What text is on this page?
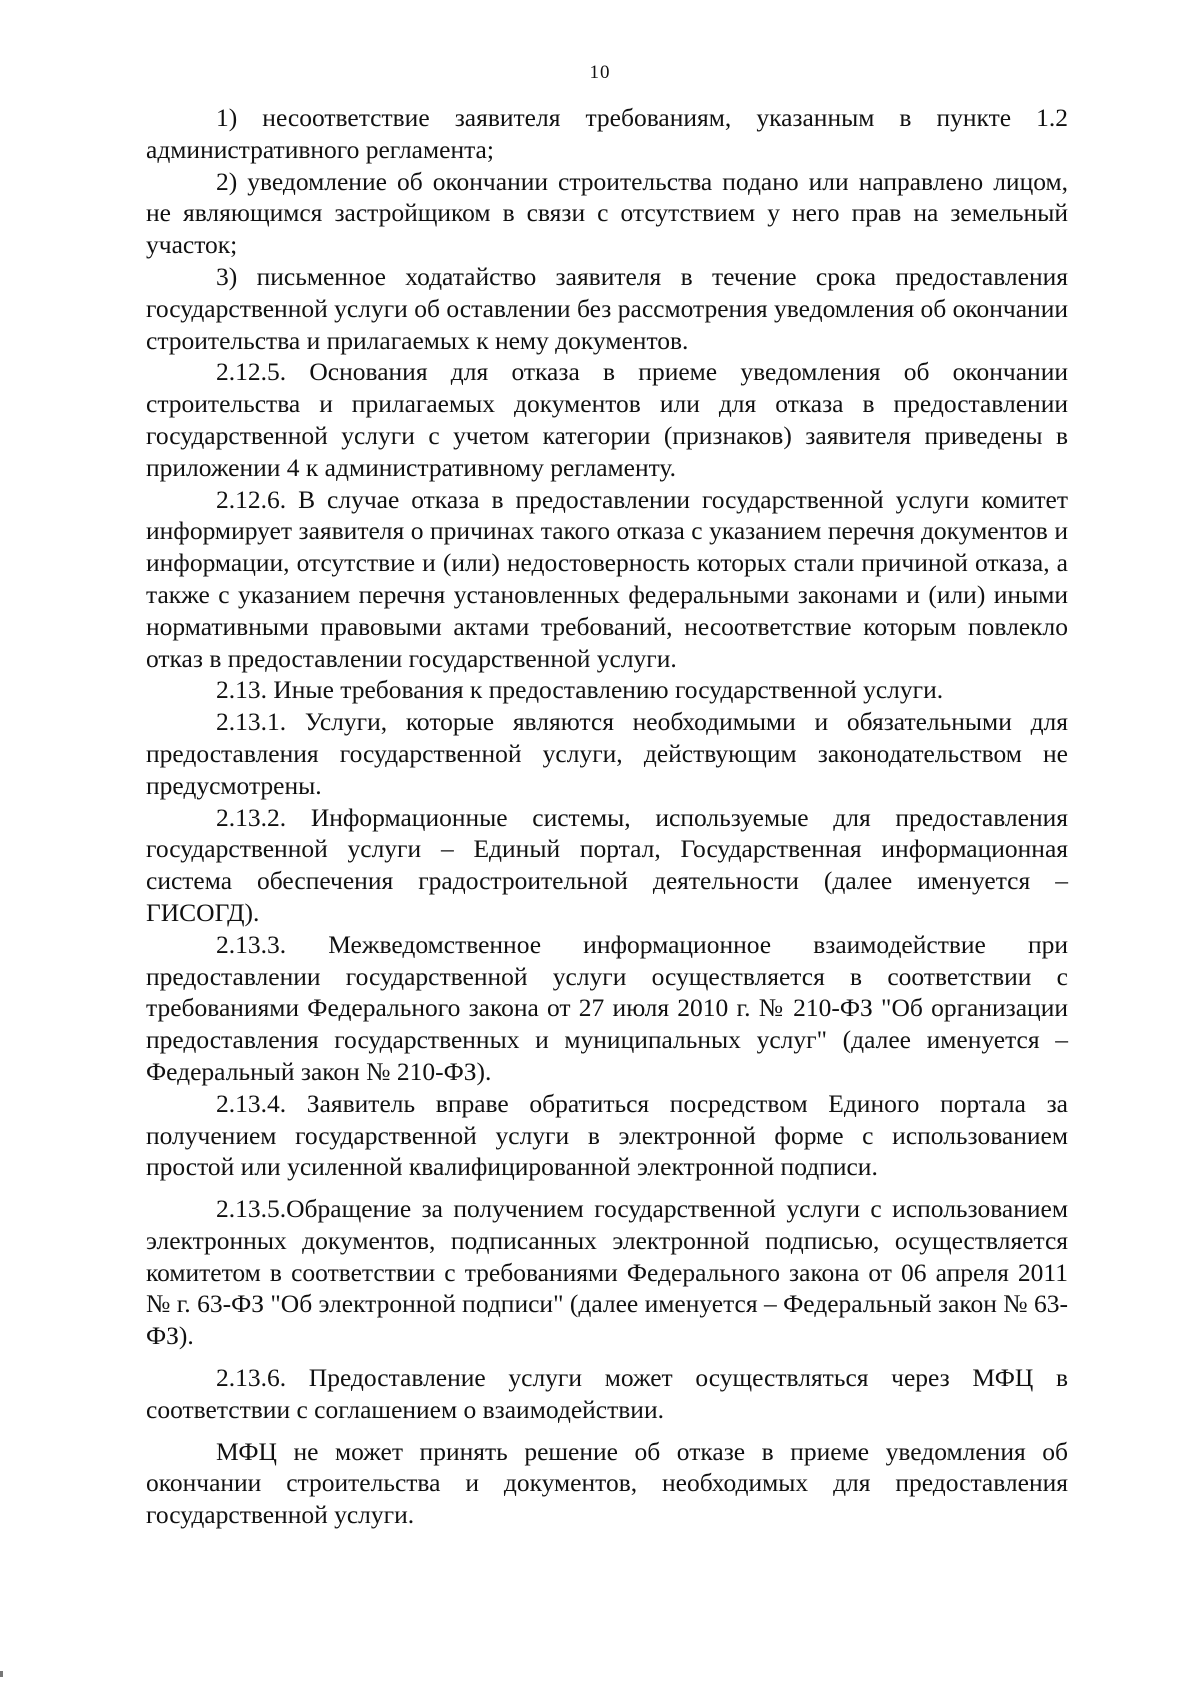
10

1) несоответствие заявителя требованиям, указанным в пункте 1.2 административного регламента;

2) уведомление об окончании строительства подано или направлено лицом, не являющимся застройщиком в связи с отсутствием у него прав на земельный участок;

3) письменное ходатайство заявителя в течение срока предоставления государственной услуги об оставлении без рассмотрения уведомления об окончании строительства и прилагаемых к нему документов.

2.12.5. Основания для отказа в приеме уведомления об окончании строительства и прилагаемых документов или для отказа в предоставлении государственной услуги с учетом категории (признаков) заявителя приведены в приложении 4 к административному регламенту.

2.12.6. В случае отказа в предоставлении государственной услуги комитет информирует заявителя о причинах такого отказа с указанием перечня документов и информации, отсутствие и (или) недостоверность которых стали причиной отказа, а также с указанием перечня установленных федеральными законами и (или) иными нормативными правовыми актами требований, несоответствие которым повлекло отказ в предоставлении государственной услуги.

2.13. Иные требования к предоставлению государственной услуги.

2.13.1. Услуги, которые являются необходимыми и обязательными для предоставления государственной услуги, действующим законодательством не предусмотрены.

2.13.2. Информационные системы, используемые для предоставления государственной услуги – Единый портал, Государственная информационная система обеспечения градостроительной деятельности (далее именуется – ГИСОГД).

2.13.3. Межведомственное информационное взаимодействие при предоставлении государственной услуги осуществляется в соответствии с требованиями Федерального закона от 27 июля 2010 г. № 210-ФЗ "Об организации предоставления государственных и муниципальных услуг" (далее именуется – Федеральный закон № 210-ФЗ).

2.13.4. Заявитель вправе обратиться посредством Единого портала за получением государственной услуги в электронной форме с использованием простой или усиленной квалифицированной электронной подписи.

2.13.5.Обращение за получением государственной услуги с использованием электронных документов, подписанных электронной подписью, осуществляется комитетом в соответствии с требованиями Федерального закона от 06 апреля 2011 № г. 63-ФЗ "Об электронной подписи" (далее именуется – Федеральный закон № 63-ФЗ).

2.13.6. Предоставление услуги может осуществляться через МФЦ в соответствии с соглашением о взаимодействии.

МФЦ не может принять решение об отказе в приеме уведомления об окончании строительства и документов, необходимых для предоставления государственной услуги.
